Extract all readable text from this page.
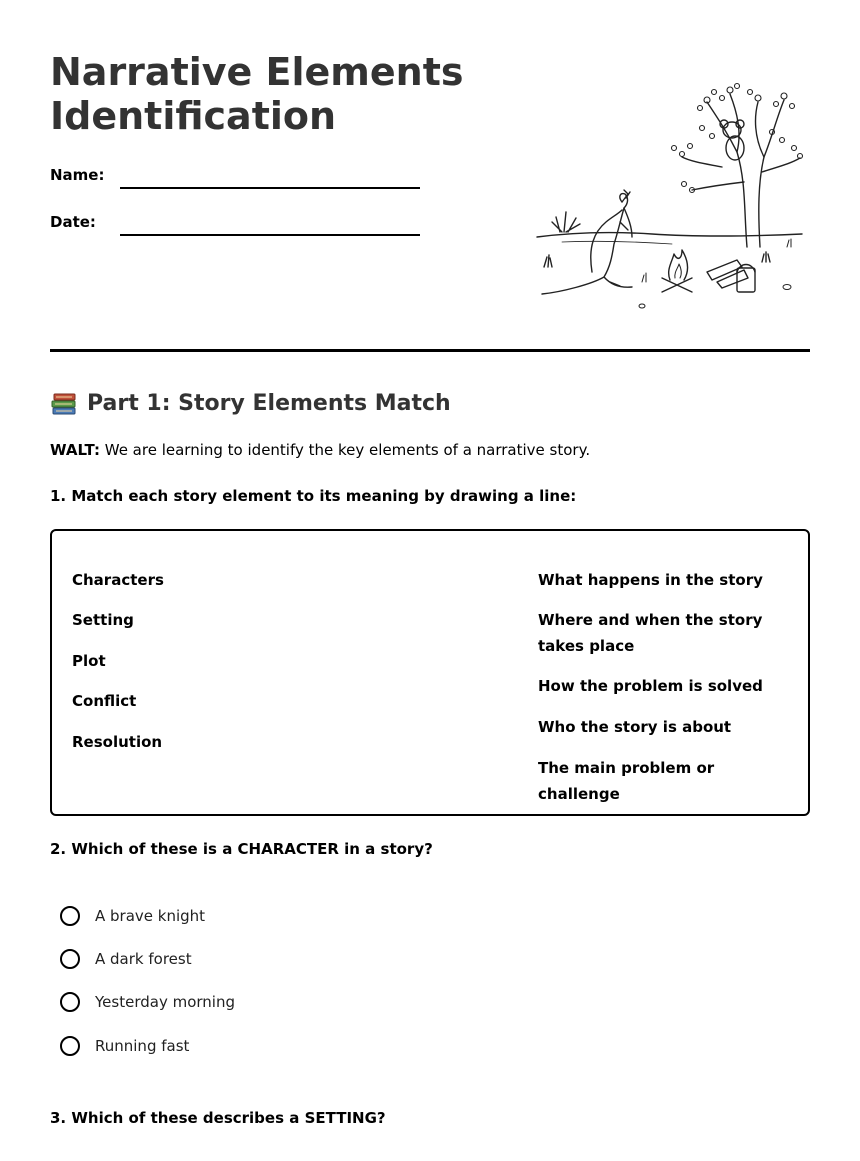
Narrative Elements
Identification
Name:
Date:
Part 1: Story Elements Match
WALT: We are learning to identify the key elements of a narrative story.
1. Match each story element to its meaning by drawing a line:
Characters
Setting
Plot
Conflict
Resolution
What happens in the story
Where and when the story takes place
How the problem is solved
Who the story is about
The main problem or challenge
2. Which of these is a CHARACTER in a story?
A brave knight
A dark forest
Yesterday morning
Running fast
3. Which of these describes a SETTING?
